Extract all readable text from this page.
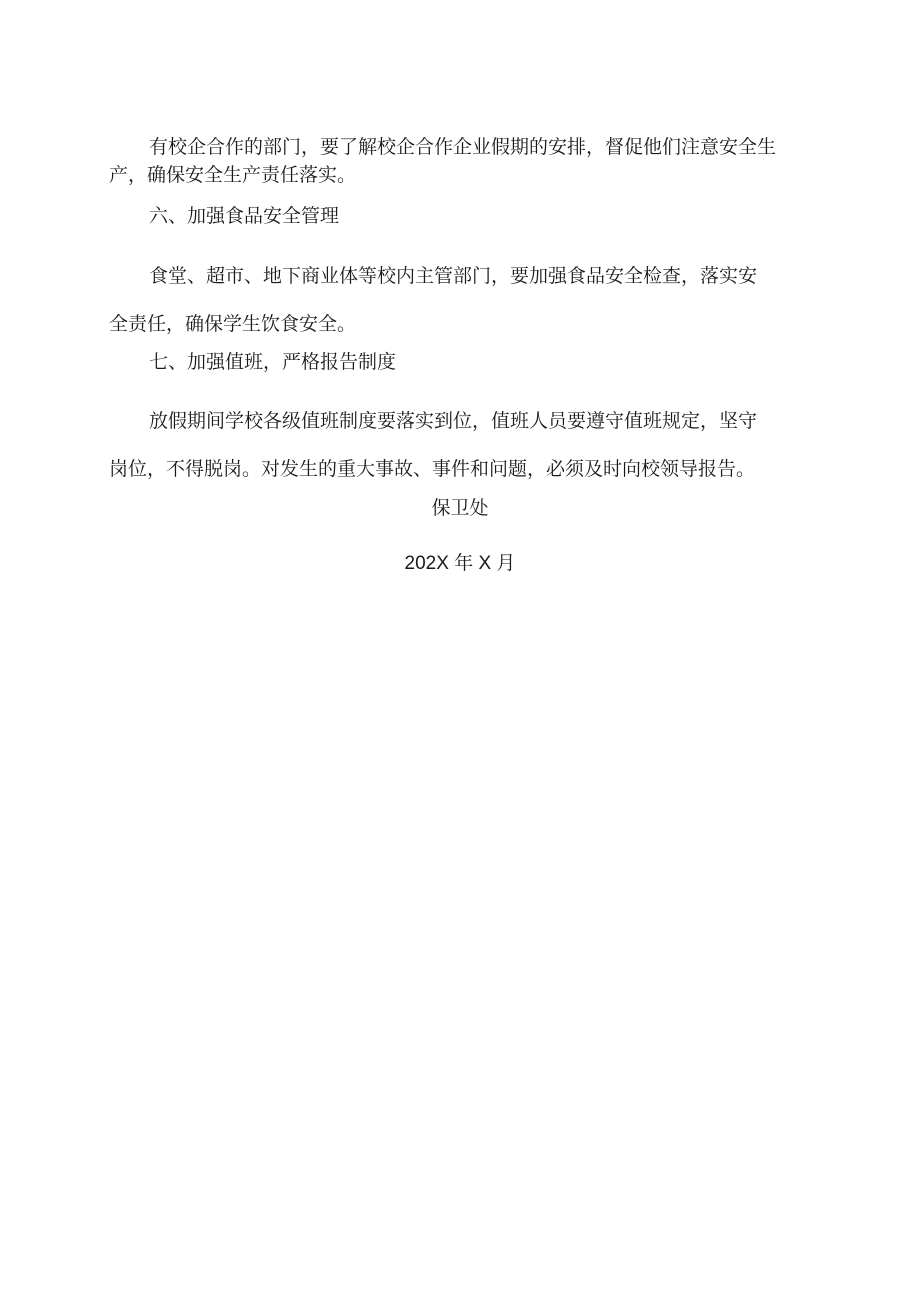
有校企合作的部门，要了解校企合作企业假期的安排，督促他们注意安全生
产，确保安全生产责任落实。

六、加强食品安全管理

食堂、超市、地下商业体等校内主管部门，要加强食品安全检查，落实安
全责任，确保学生饮食安全。

七、加强值班，严格报告制度

放假期间学校各级值班制度要落实到位，值班人员要遵守值班规定，坚守
岗位，不得脱岗。对发生的重大事故、事件和问题，必须及时向校领导报告。

保卫处

202X 年 X 月
